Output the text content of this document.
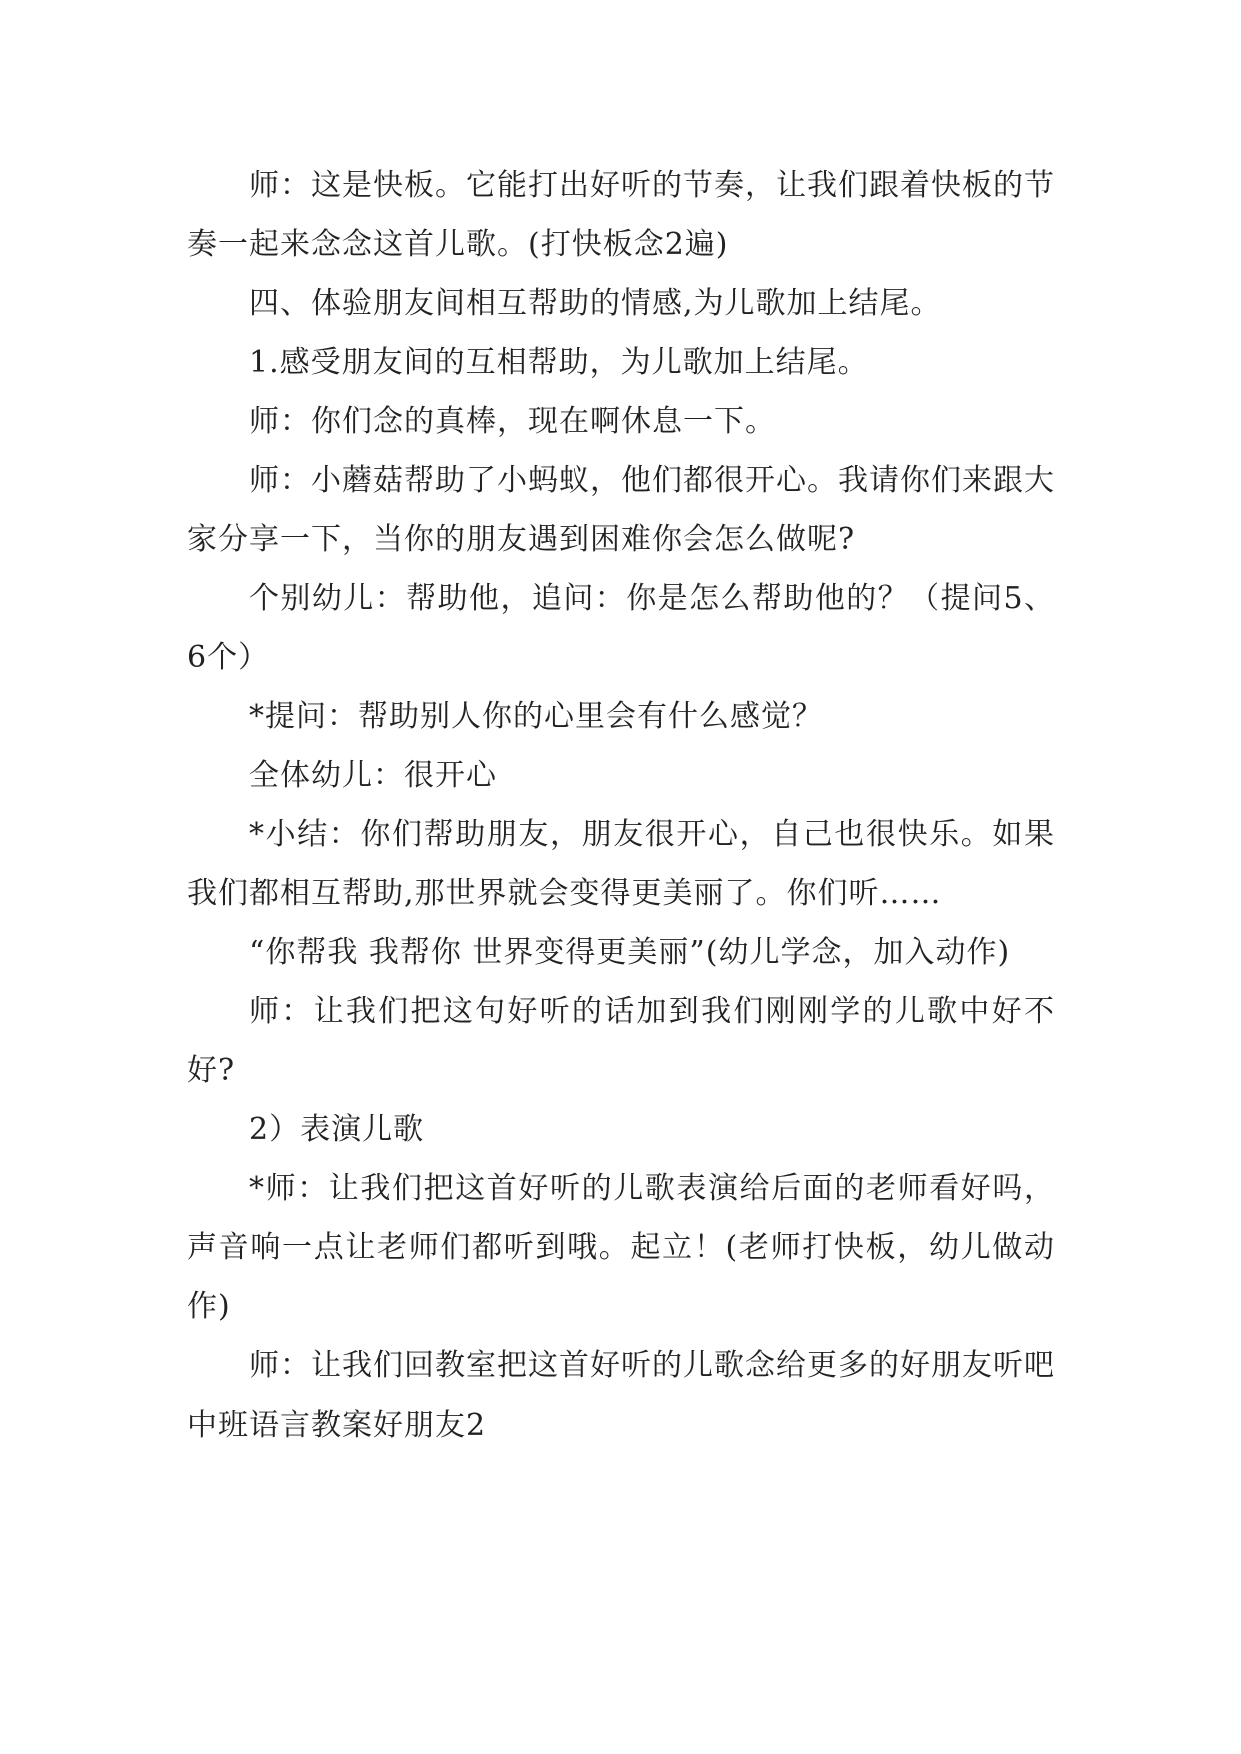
师：这是快板。它能打出好听的节奏，让我们跟着快板的节奏一起来念念这首儿歌。(打快板念2遍)

四、体验朋友间相互帮助的情感,为儿歌加上结尾。

1.感受朋友间的互相帮助，为儿歌加上结尾。

师：你们念的真棒，现在啊休息一下。

师：小蘑菇帮助了小蚂蚁，他们都很开心。我请你们来跟大家分享一下，当你的朋友遇到困难你会怎么做呢?

个别幼儿：帮助他，追问：你是怎么帮助他的？（提问5、6个）

*提问：帮助别人你的心里会有什么感觉？

全体幼儿：很开心

*小结：你们帮助朋友，朋友很开心，自己也很快乐。如果我们都相互帮助,那世界就会变得更美丽了。你们听……

“你帮我 我帮你 世界变得更美丽”(幼儿学念，加入动作)

师：让我们把这句好听的话加到我们刚刚学的儿歌中好不好?

2）表演儿歌

*师：让我们把这首好听的儿歌表演给后面的老师看好吗，声音响一点让老师们都听到哦。起立！(老师打快板，幼儿做动作)

师：让我们回教室把这首好听的儿歌念给更多的好朋友听吧

中班语言教案好朋友2
